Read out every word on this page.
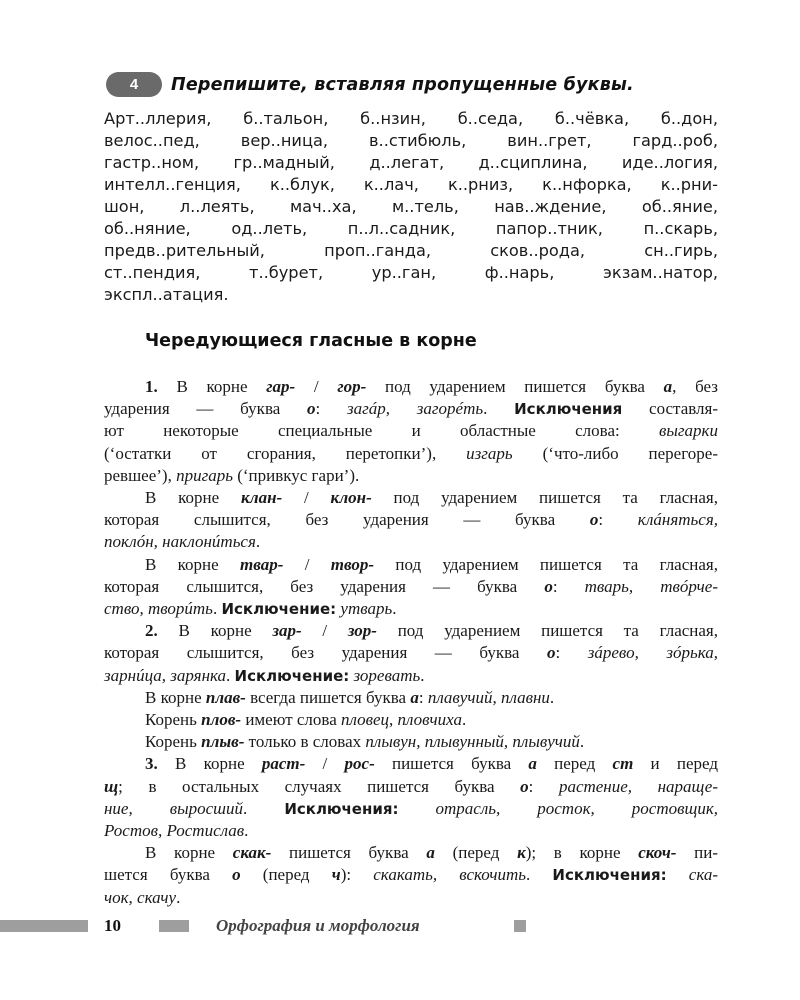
4	Перепишите, вставляя пропущенные буквы.
Арт..ллерия, б..тальон, б..нзин, б..седа, б..чёвка, б..дон,
велос..пед, вер..ница, в..стибюль, вин..грет, гард..роб,
гастр..ном, гр..мадный, д..легат, д..сциплина, иде..логия,
интелл..генция, к..блук, к..лач, к..рниз, к..нфорка, к..рни-
шон, л..леять, мач..ха, м..тель, нав..ждение, об..яние,
об..няние, од..леть, п..л..садник, папор..тник, п..скарь,
предв..рительный, проп..ганда, сков..рода, сн..гирь,
ст..пендия, т..бурет, ур..ган, ф..нарь, экзам..натор,
экспл..атация.
Чередующиеся гласные в корне
1. В корне гар- / гор- под ударением пишется буква а, без
ударения — буква о: загáр, загорéть. Исключения составля-
ют некоторые специальные и областные слова: выгарки
(‘остатки от сгорания, перетопки’), изгарь (‘что-либо перегоре-
ревшее’), пригарь (‘привкус гари’).
В корне клан- / клон- под ударением пишется та гласная,
которая слышится, без ударения — буква о: клáняться,
поклóн, наклонúться.
В корне твар- / твор- под ударением пишется та гласная,
которая слышится, без ударения — буква о: тварь, твóрче-
ство, творúть. Исключение: утварь.
2. В корне зар- / зор- под ударением пишется та гласная,
которая слышится, без ударения — буква о: зáрево, зóрька,
зарнúца, зарянка. Исключение: зоревать.
В корне плав- всегда пишется буква а: плавучий, плавни.
Корень плов- имеют слова пловец, пловчиха.
Корень плыв- только в словах плывун, плывунный, плывучий.
3. В корне раст- / рос- пишется буква а перед ст и перед
щ; в остальных случаях пишется буква о: растение, нараще-
ние, выросший. Исключения: отрасль, росток, ростовщик,
Ростов, Ростислав.
В корне скак- пишется буква а (перед к); в корне скоч- пи-
шется буква о (перед ч): скакать, вскочить. Исключения: ска-
чок, скачу.
10	Орфография и морфология
